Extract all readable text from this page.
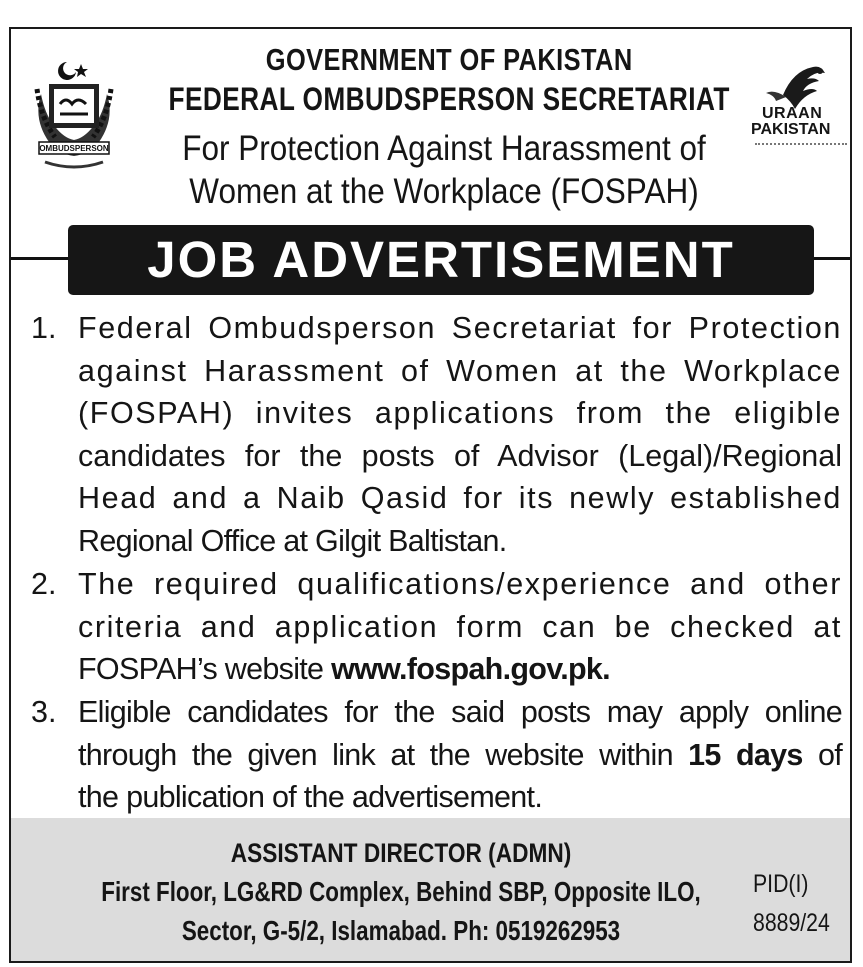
OMBUDSPERSON
URAAN
PAKISTAN
GOVERNMENT OF PAKISTAN
FEDERAL OMBUDSPERSON SECRETARIAT
For Protection Against Harassment of
Women at the Workplace (FOSPAH)
JOB ADVERTISEMENT
1. Federal Ombudsperson Secretariat for Protection
against Harassment of Women at the Workplace
(FOSPAH) invites applications from the eligible
candidates for the posts of Advisor (Legal)/Regional
Head and a Naib Qasid for its newly established
Regional Office at Gilgit Baltistan.
2. The required qualifications/experience and other
criteria and application form can be checked at
FOSPAH’s website www.fospah.gov.pk.
3. Eligible candidates for the said posts may apply online
through the given link at the website within 15 days of
the publication of the advertisement.
ASSISTANT DIRECTOR (ADMN)
First Floor, LG&RD Complex, Behind SBP, Opposite ILO,
Sector, G-5/2, Islamabad. Ph: 0519262953
PID(I)
8889/24
